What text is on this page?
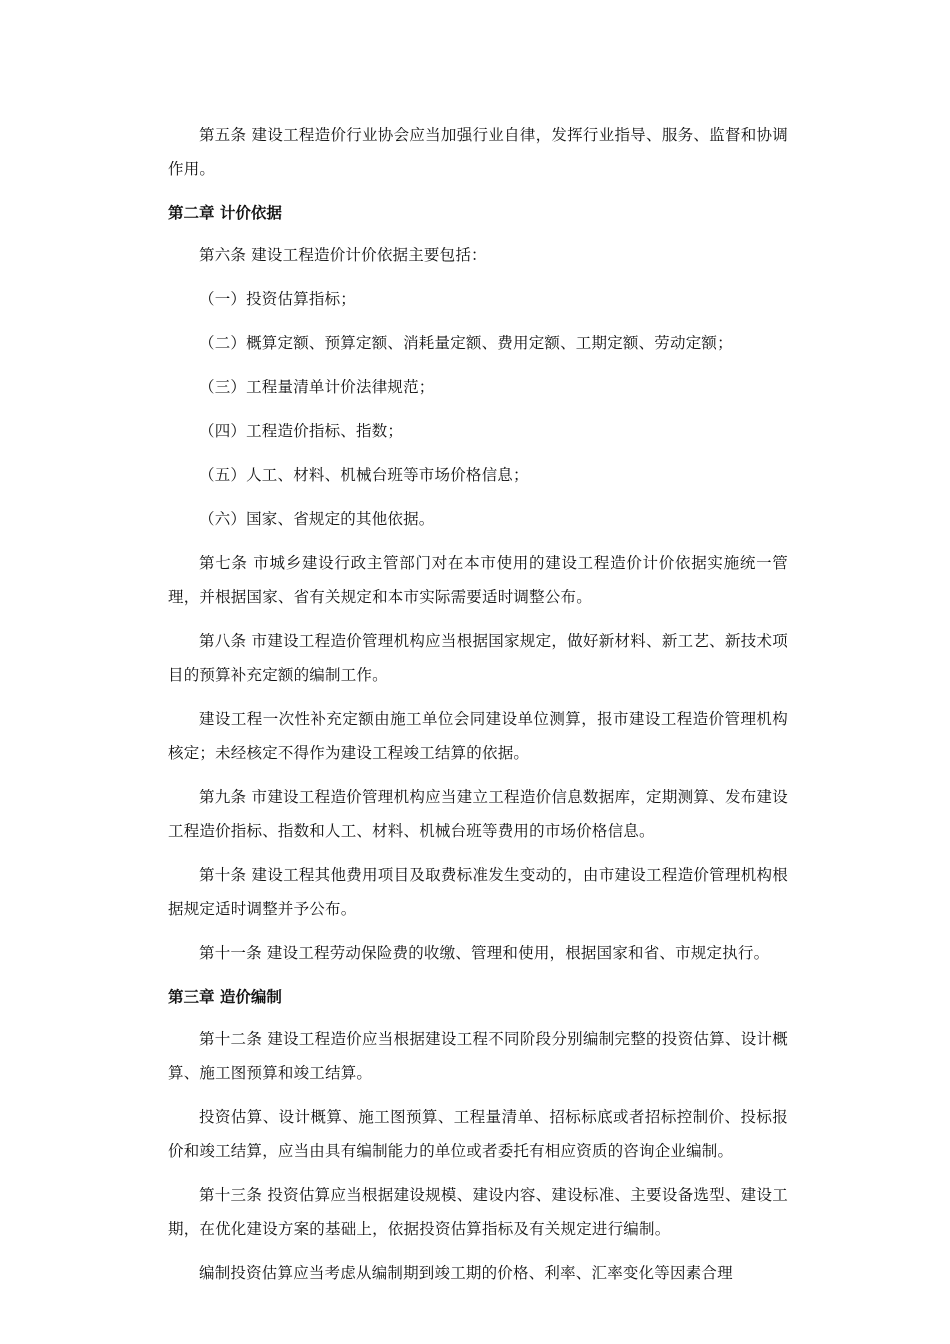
第五条 建设工程造价行业协会应当加强行业自律，发挥行业指导、服务、监督和协调作用。

第二章 计价依据

第六条 建设工程造价计价依据主要包括：

（一）投资估算指标；

（二）概算定额、预算定额、消耗量定额、费用定额、工期定额、劳动定额；

（三）工程量清单计价法律规范；

（四）工程造价指标、指数；

（五）人工、材料、机械台班等市场价格信息；

（六）国家、省规定的其他依据。

第七条 市城乡建设行政主管部门对在本市使用的建设工程造价计价依据实施统一管理，并根据国家、省有关规定和本市实际需要适时调整公布。

第八条 市建设工程造价管理机构应当根据国家规定，做好新材料、新工艺、新技术项目的预算补充定额的编制工作。

建设工程一次性补充定额由施工单位会同建设单位测算，报市建设工程造价管理机构核定；未经核定不得作为建设工程竣工结算的依据。

第九条 市建设工程造价管理机构应当建立工程造价信息数据库，定期测算、发布建设工程造价指标、指数和人工、材料、机械台班等费用的市场价格信息。

第十条 建设工程其他费用项目及取费标准发生变动的，由市建设工程造价管理机构根据规定适时调整并予公布。

第十一条 建设工程劳动保险费的收缴、管理和使用，根据国家和省、市规定执行。

第三章 造价编制

第十二条 建设工程造价应当根据建设工程不同阶段分别编制完整的投资估算、设计概算、施工图预算和竣工结算。

投资估算、设计概算、施工图预算、工程量清单、招标标底或者招标控制价、投标报价和竣工结算，应当由具有编制能力的单位或者委托有相应资质的咨询企业编制。

第十三条 投资估算应当根据建设规模、建设内容、建设标准、主要设备选型、建设工期，在优化建设方案的基础上，依据投资估算指标及有关规定进行编制。

编制投资估算应当考虑从编制期到竣工期的价格、利率、汇率变化等因素合理
